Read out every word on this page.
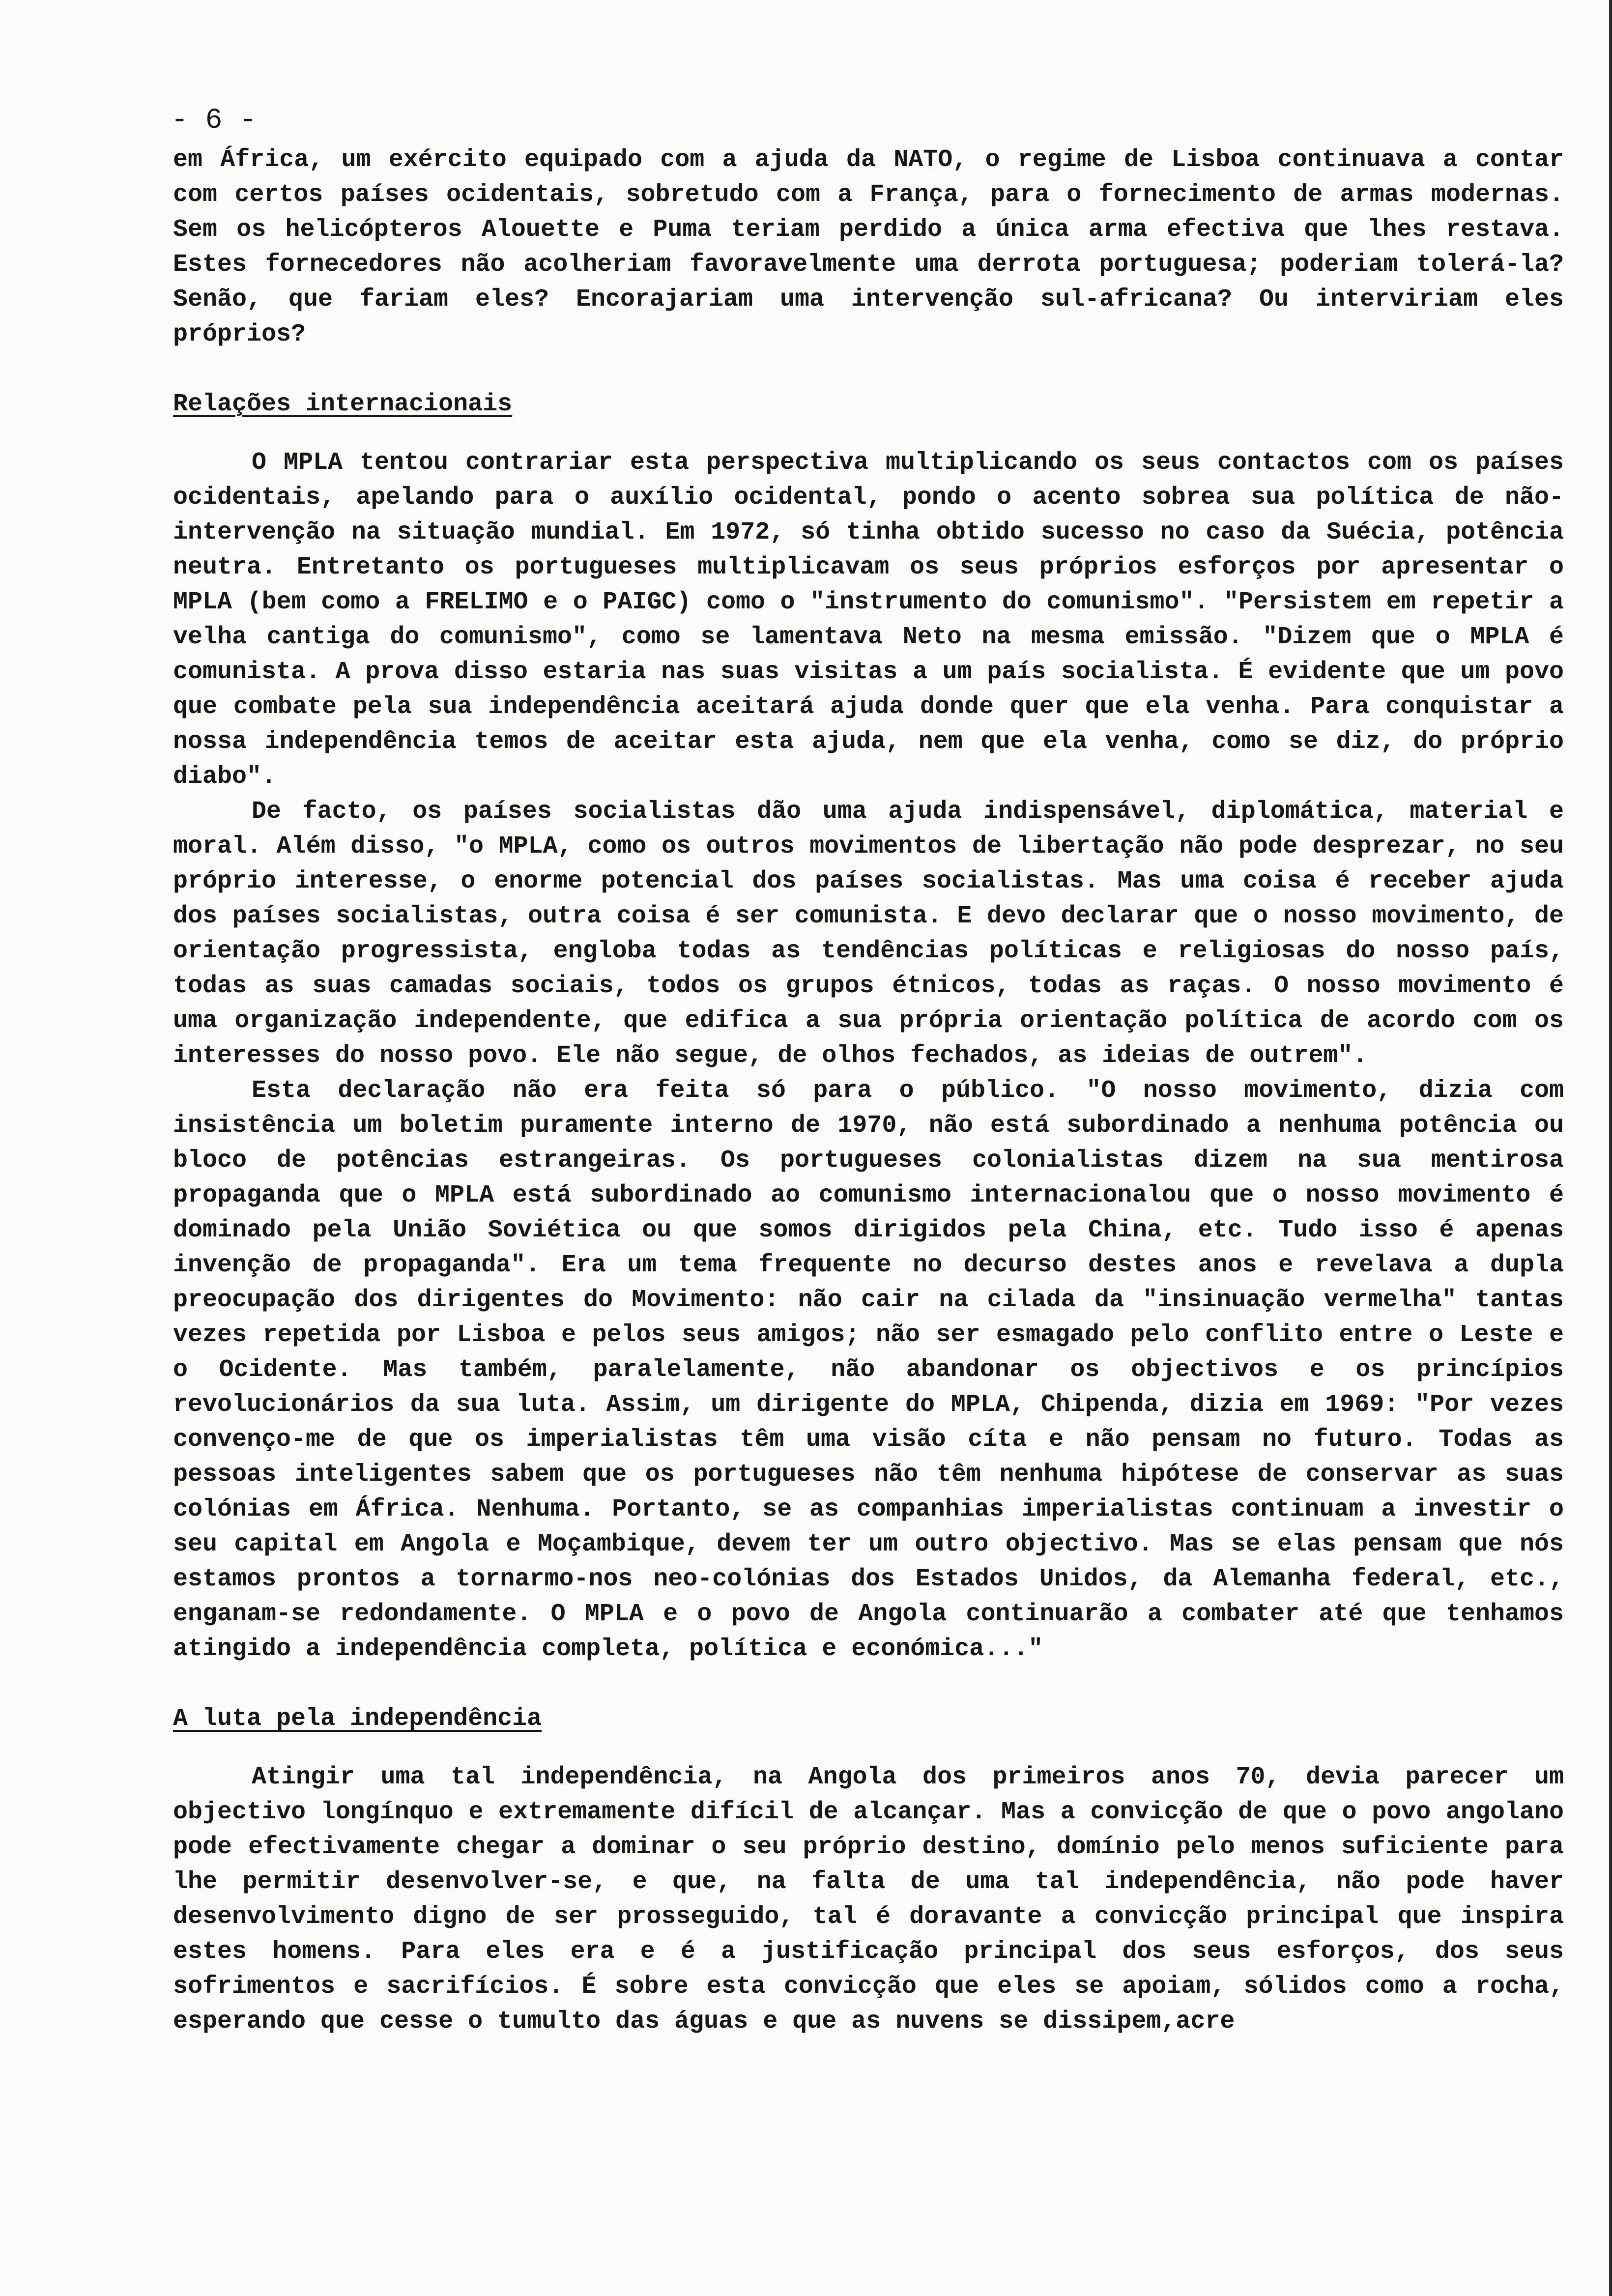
- 6 -

em África, um exército equipado com a ajuda da NATO, o regime de Lisboa continuava a contar com certos países ocidentais, sobretudo com a França, para o fornecimento de armas modernas. Sem os helicópteros Alouette e Puma teriam perdido a única arma efectiva que lhes restava. Estes fornecedores não acolheriam favoravelmente uma derrota portuguesa; poderiam tolerá-la? Senão, que fariam eles? Encorajariam uma intervenção sul-africana? Ou interviriam eles próprios?

Relações internacionais

O MPLA tentou contrariar esta perspectiva multiplicando os seus contactos com os países ocidentais, apelando para o auxílio ocidental, pondo o acento sobrea sua política de não-intervenção na situação mundial. Em 1972, só tinha obtido sucesso no caso da Suécia, potência neutra. Entretanto os portugueses multiplicavam os seus próprios esforços por apresentar o MPLA (bem como a FRELIMO e o PAIGC) como o "instrumento do comunismo". "Persistem em repetir a velha cantiga do comunismo", como se lamentava Neto na mesma emissão. "Dizem que o MPLA é comunista. A prova disso estaria nas suas visitas a um país socialista. É evidente que um povo que combate pela sua independência aceitará ajuda donde quer que ela venha. Para conquistar a nossa independência temos de aceitar esta ajuda, nem que ela venha, como se diz, do próprio diabo".

De facto, os países socialistas dão uma ajuda indispensável, diplomática, material e moral. Além disso, "o MPLA, como os outros movimentos de libertação não pode desprezar, no seu próprio interesse, o enorme potencial dos países socialistas. Mas uma coisa é receber ajuda dos países socialistas, outra coisa é ser comunista. E devo declarar que o nosso movimento, de orientação progressista, engloba todas as tendências políticas e religiosas do nosso país, todas as suas camadas sociais, todos os grupos étnicos, todas as raças. O nosso movimento é uma organização independente, que edifica a sua própria orientação política de acordo com os interesses do nosso povo. Ele não segue, de olhos fechados, as ideias de outrem".

Esta declaração não era feita só para o público. "O nosso movimento, dizia com insistência um boletim puramente interno de 1970, não está subordinado a nenhuma potência ou bloco de potências estrangeiras. Os portugueses colonialistas dizem na sua mentirosa propaganda que o MPLA está subordinado ao comunismo internacionalou que o nosso movimento é dominado pela União Soviética ou que somos dirigidos pela China, etc. Tudo isso é apenas invenção de propaganda". Era um tema frequente no decurso destes anos e revelava a dupla preocupação dos dirigentes do Movimento: não cair na cilada da "insinuação vermelha" tantas vezes repetida por Lisboa e pelos seus amigos; não ser esmagado pelo conflito entre o Leste e o Ocidente. Mas também, paralelamente, não abandonar os objectivos e os princípios revolucionários da sua luta. Assim, um dirigente do MPLA, Chipenda, dizia em 1969: "Por vezes convenço-me de que os imperialistas têm uma visão cíta e não pensam no futuro. Todas as pessoas inteligentes sabem que os portugueses não têm nenhuma hipótese de conservar as suas colónias em África. Nenhuma. Portanto, se as companhias imperialistas continuam a investir o seu capital em Angola e Moçambique, devem ter um outro objectivo. Mas se elas pensam que nós estamos prontos a tornarmo-nos neo-colónias dos Estados Unidos, da Alemanha federal, etc., enganam-se redondamente. O MPLA e o povo de Angola continuarão a combater até que tenhamos atingido a independência completa, política e económica..."

A luta pela independência

Atingir uma tal independência, na Angola dos primeiros anos 70, devia parecer um objectivo longínquo e extremamente difícil de alcançar. Mas a convicção de que o povo angolano pode efectivamente chegar a dominar o seu próprio destino, domínio pelo menos suficiente para lhe permitir desenvolver-se, e que, na falta de uma tal independência, não pode haver desenvolvimento digno de ser prosseguido, tal é doravante a convicção principal que inspira estes homens. Para eles era e é a justificação principal dos seus esforços, dos seus sofrimentos e sacrifícios. É sobre esta convicção que eles se apoiam, sólidos como a rocha, esperando que cesse o tumulto das águas e que as nuvens se dissipem,acre
